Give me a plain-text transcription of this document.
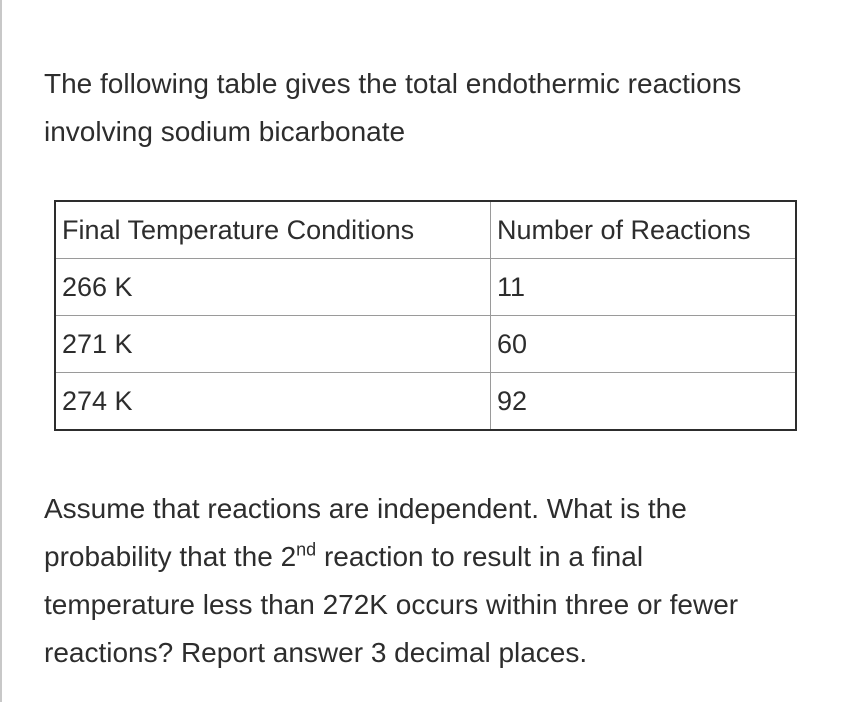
The following table gives the total endothermic reactions
involving sodium bicarbonate

Final Temperature Conditions	Number of Reactions
266 K	11
271 K	60
274 K	92

Assume that reactions are independent. What is the
probability that the 2nd reaction to result in a final
temperature less than 272K occurs within three or fewer
reactions? Report answer 3 decimal places.
